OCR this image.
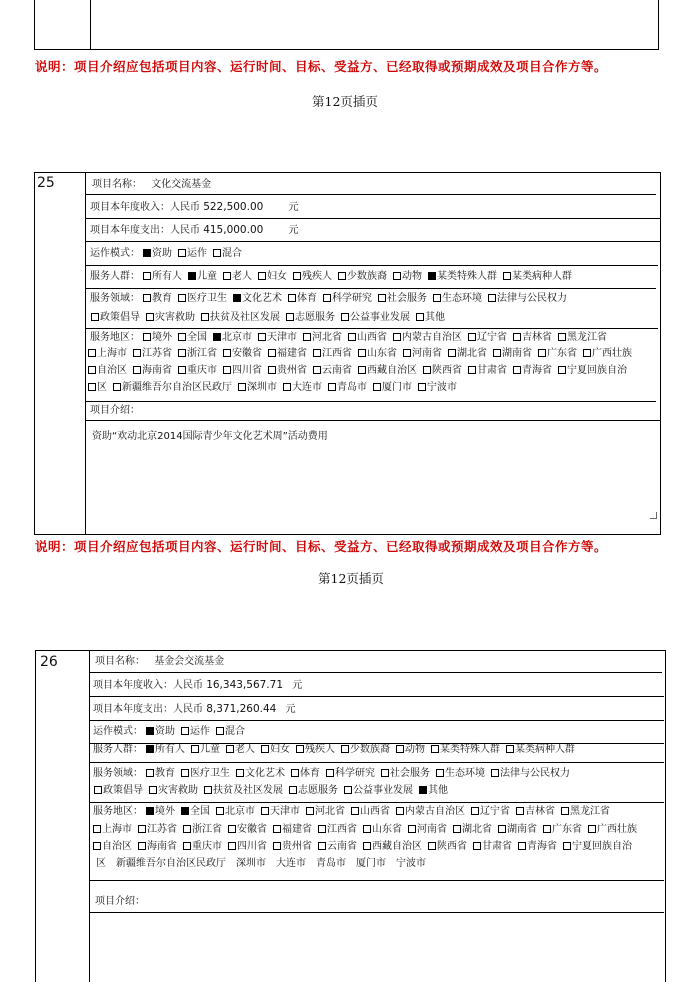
说明：项目介绍应包括项目内容、运行时间、目标、受益方、已经取得或预期成效及项目合作方等。
第12页插页
25	项目名称： 文化交流基金
项目本年度收入：人民币 522,500.00	元
项目本年度支出：人民币 415,000.00	元
运作模式： 资助 运作 混合
服务人群： 所有人 儿童 老人 妇女 残疾人 少数族裔 动物 某类特殊人群 某类病种人群
服务领域： 教育 医疗卫生 文化艺术 体育 科学研究 社会服务 生态环境 法律与公民权力
政策倡导 灾害救助 扶贫及社区发展 志愿服务 公益事业发展 其他
服务地区： 境外 全国 北京市 天津市 河北省 山西省 内蒙古自治区 辽宁省 吉林省 黑龙江省
上海市 江苏省 浙江省 安徽省 福建省 江西省 山东省 河南省 湖北省 湖南省 广东省 广西壮族
自治区 海南省 重庆市 四川省 贵州省 云南省 西藏自治区 陕西省 甘肃省 青海省 宁夏回族自治
区 新疆维吾尔自治区民政厅 深圳市 大连市 青岛市 厦门市 宁波市
项目介绍：
资助“欢动北京2014国际青少年文化艺术周”活动费用
说明：项目介绍应包括项目内容、运行时间、目标、受益方、已经取得或预期成效及项目合作方等。
第12页插页
26	项目名称： 基金会交流基金
项目本年度收入：人民币 16,343,567.71 元
项目本年度支出：人民币 8,371,260.44 元
运作模式： 资助 运作 混合
服务人群： 所有人 儿童 老人 妇女 残疾人 少数族裔 动物 某类特殊人群 某类病种人群
服务领域： 教育 医疗卫生 文化艺术 体育 科学研究 社会服务 生态环境 法律与公民权力
政策倡导 灾害救助 扶贫及社区发展 志愿服务 公益事业发展 其他
服务地区： 境外 全国 北京市 天津市 河北省 山西省 内蒙古自治区 辽宁省 吉林省 黑龙江省
上海市 江苏省 浙江省 安徽省 福建省 江西省 山东省 河南省 湖北省 湖南省 广东省 广西壮族
自治区 海南省 重庆市 四川省 贵州省 云南省 西藏自治区 陕西省 甘肃省 青海省 宁夏回族自治
区 新疆维吾尔自治区民政厅 深圳市 大连市 青岛市 厦门市 宁波市
项目介绍：
